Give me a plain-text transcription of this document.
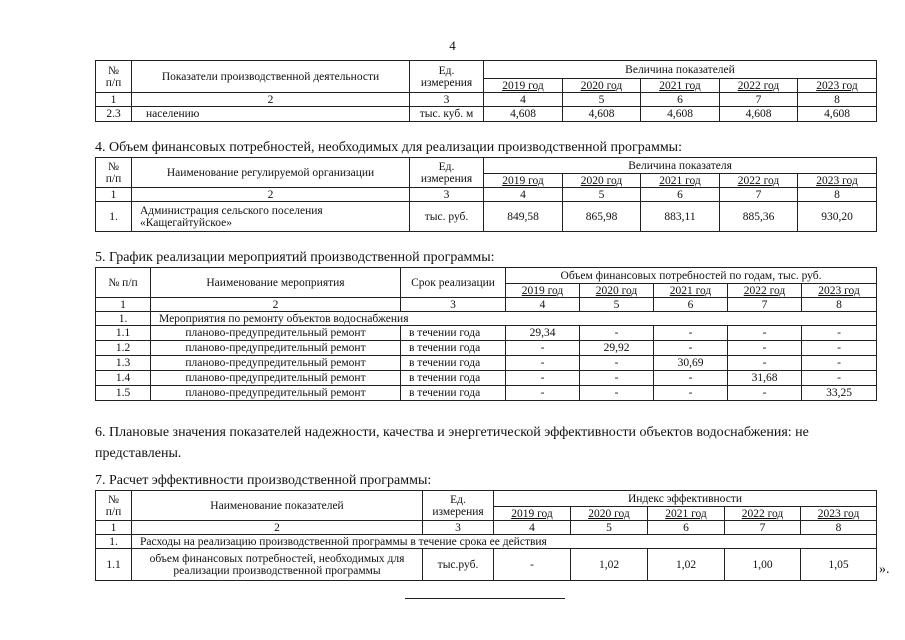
4
№
п/п	Показатели производственной деятельности	Ед. измерения	Величина показателей				
			2019 год	2020 год	2021 год	2022 год	2023 год
1	2	3	4	5	6	7	8
2.3	населению	тыс. куб. м	4,608	4,608	4,608	4,608	4,608
4. Объем финансовых потребностей, необходимых для реализации производственной программы:
№
п/п	Наименование регулируемой организации	Ед. измерения	Величина показателя				
			2019 год	2020 год	2021 год	2022 год	2023 год
1	2	3	4	5	6	7	8
1.	Администрация сельского поселения «Кащегайтуйское»	тыс. руб.	849,58	865,98	883,11	885,36	930,20
5. График реализации мероприятий производственной программы:
№ п/п	Наименование мероприятия	Срок реализации	Объем финансовых потребностей по годам, тыс. руб.				
			2019 год	2020 год	2021 год	2022 год	2023 год
1	2	3	4	5	6	7	8
1.	Мероприятия по ремонту объектов водоснабжения						
1.1	планово-предупредительный ремонт	в течении года	29,34	-	-	-	-
1.2	планово-предупредительный ремонт	в течении года	-	29,92	-	-	-
1.3	планово-предупредительный ремонт	в течении года	-	-	30,69	-	-
1.4	планово-предупредительный ремонт	в течении года	-	-	-	31,68	-
1.5	планово-предупредительный ремонт	в течении года	-	-	-	-	33,25
6. Плановые значения показателей надежности, качества и энергетической эффективности объектов водоснабжения: не представлены.
7. Расчет эффективности производственной программы:
№
п/п	Наименование показателей	Ед. измерения	Индекс эффективности				
			2019 год	2020 год	2021 год	2022 год	2023 год
1	2	3	4	5	6	7	8
1.	Расходы на реализацию производственной программы в течение срока ее действия						
1.1	объем финансовых потребностей, необходимых для реализации производственной программы	тыс.руб.	-	1,02	1,02	1,00	1,05 ».
